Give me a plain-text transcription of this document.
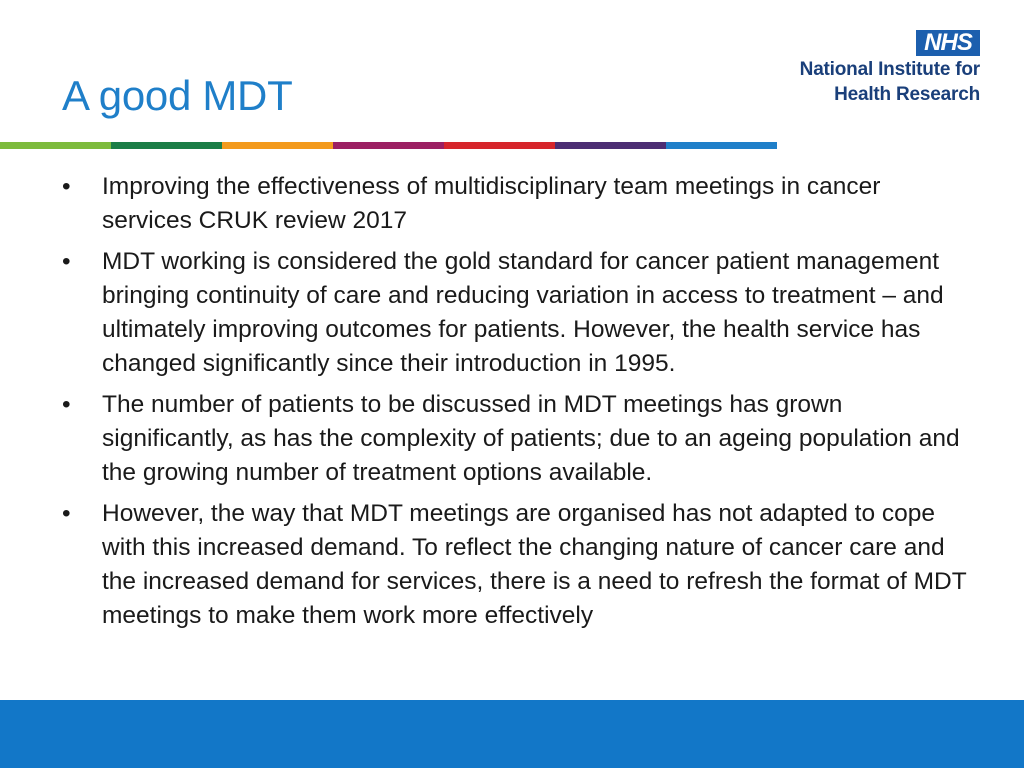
A good MDT
NHS
National Institute for
Health Research
• Improving the effectiveness of multidisciplinary team meetings in cancer services CRUK review 2017
• MDT working is considered the gold standard for cancer patient management bringing continuity of care and reducing variation in access to treatment – and ultimately improving outcomes for patients. However, the health service has changed significantly since their introduction in 1995.
• The number of patients to be discussed in MDT meetings has grown significantly, as has the complexity of patients; due to an ageing population and the growing number of treatment options available.
• However, the way that MDT meetings are organised has not adapted to cope with this increased demand. To reflect the changing nature of cancer care and the increased demand for services, there is a need to refresh the format of MDT meetings to make them work more effectively
